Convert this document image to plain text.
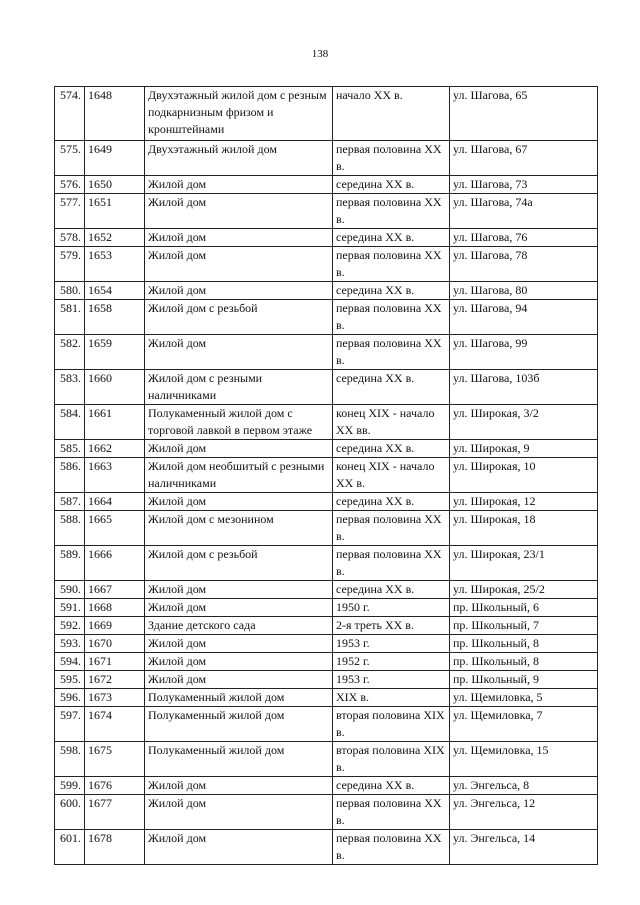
138
574.	1648	Двухэтажный жилой дом с резным подкарнизным фризом и кронштейнами	начало XX в.	ул. Шагова, 65
575.	1649	Двухэтажный жилой дом	первая половина XX в.	ул. Шагова, 67
576.	1650	Жилой дом	середина XX в.	ул. Шагова, 73
577.	1651	Жилой дом	первая половина XX в.	ул. Шагова, 74а
578.	1652	Жилой дом	середина XX в.	ул. Шагова, 76
579.	1653	Жилой дом	первая половина XX в.	ул. Шагова, 78
580.	1654	Жилой дом	середина XX в.	ул. Шагова, 80
581.	1658	Жилой дом с резьбой	первая половина XX в.	ул. Шагова, 94
582.	1659	Жилой дом	первая половина XX в.	ул. Шагова, 99
583.	1660	Жилой дом с резными наличниками	середина XX в.	ул. Шагова, 103б
584.	1661	Полукаменный жилой дом с торговой лавкой в первом этаже	конец XIX - начало XX вв.	ул. Широкая, 3/2
585.	1662	Жилой дом	середина XX в.	ул. Широкая, 9
586.	1663	Жилой дом необшитый с резными наличниками	конец XIX - начало XX в.	ул. Широкая, 10
587.	1664	Жилой дом	середина XX в.	ул. Широкая, 12
588.	1665	Жилой дом с мезонином	первая половина XX в.	ул. Широкая, 18
589.	1666	Жилой дом с резьбой	первая половина XX в.	ул. Широкая, 23/1
590.	1667	Жилой дом	середина XX в.	ул. Широкая, 25/2
591.	1668	Жилой дом	1950 г.	пр. Школьный, 6
592.	1669	Здание детского сада	2-я треть XX в.	пр. Школьный, 7
593.	1670	Жилой дом	1953 г.	пр. Школьный, 8
594.	1671	Жилой дом	1952 г.	пр. Школьный, 8
595.	1672	Жилой дом	1953 г.	пр. Школьный, 9
596.	1673	Полукаменный жилой дом	XIX в.	ул. Щемиловка, 5
597.	1674	Полукаменный жилой дом	вторая половина XIX в.	ул. Щемиловка, 7
598.	1675	Полукаменный жилой дом	вторая половина XIX в.	ул. Щемиловка, 15
599.	1676	Жилой дом	середина XX в.	ул. Энгельса, 8
600.	1677	Жилой дом	первая половина XX в.	ул. Энгельса, 12
601.	1678	Жилой дом	первая половина XX в.	ул. Энгельса, 14
